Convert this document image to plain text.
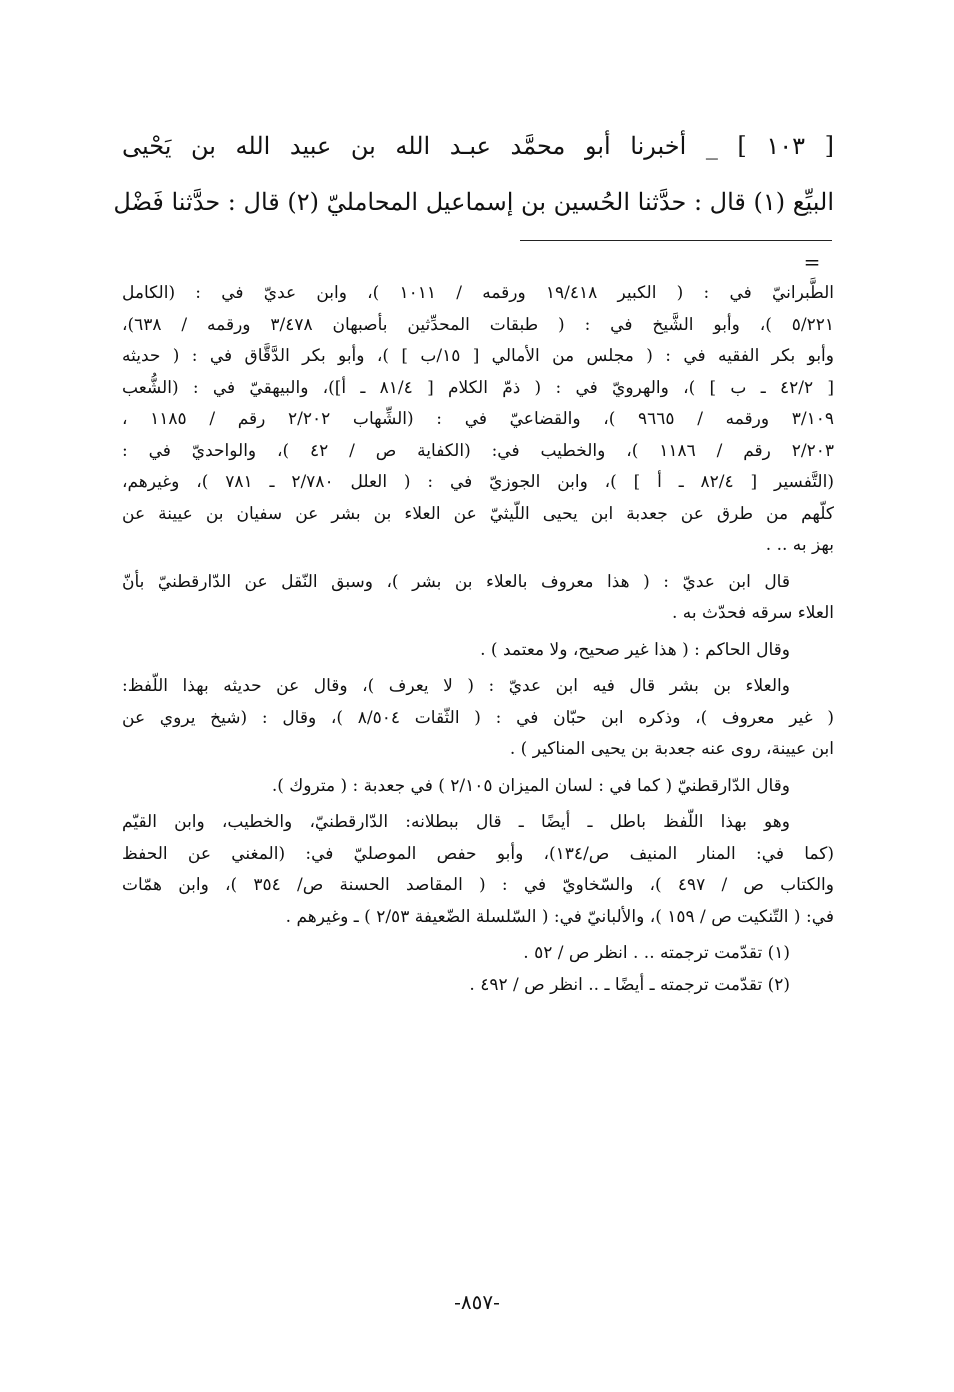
[ ١٠٣ ] _ أخبرنا أبو محمَّد عبـد الله بن عبيد الله بن يَحْيى
البيِّع (١) قال : حدَّثنا الحُسين بن إسماعيل المحامليّ (٢) قال : حدَّثنا فَضْل
=
الطَّبرانيّ في : ( الكبير ١٩/٤١٨ ورقمه / ١٠١١ )، وابن عديّ في : (الكامل
٥/٢٢١ )، وأبو الشَّيخ في : ( طبقات المحدِّثين بأصبهان ٣/٤٧٨ ورقمه / ٦٣٨)،
وأبو بكر الفقيه في : ( مجلس من الأمالي [ ١٥/ب ] )، وأبو بكر الدَّقَّاق في : ( حديثه
[ ٤٢/٢ ـ ب ] )، والهرويّ في : ( ذمّ الكلام [ ٨١/٤ ـ أ])، والبيهقيّ في : (الشُّعب
٣/١٠٩ ورقمه / ٩٦٦٥ )، والقضاعيّ في : (الشِّهاب ٢/٢٠٢ رقم / ١١٨٥ ،
٢/٢٠٣ رقم / ١١٨٦ )، والخطيب في: (الكفاية ص / ٤٢ )، والواحديّ في :
(التَّفسير [ ٨٢/٤ ـ أ ] )، وابن الجوزيّ في : ( العلل ٢/٧٨٠ ـ ٧٨١ )، وغيرهم،
كلّهم من طرق عن جعدبة ابن يحيى اللّيثيّ عن العلاء بن بشر عن سفيان بن عيينة عن
بهز به .. .
قال ابن عديّ : ( هذا معروف بالعلاء بن بشر )، وسبق النّقل عن الدّارقطنيّ بأنّ
العلاء سرقه فحدّث به .
وقال الحاكم : ( هذا غير صحيح، ولا معتمد ) .
والعلاء بن بشر قال فيه ابن عديّ : ( لا يعرف )، وقال عن حديثه بهذا اللّفظ:
( غير معروف )، وذكره ابن حبّان في : ( الثّقات ٨/٥٠٤ )، وقال : (شيخ يروي عن
ابن عيينة، روى عنه جعدبة بن يحيى المناكير ) .
وقال الدّارقطنيّ ( كما في : لسان الميزان ٢/١٠٥ ) في جعدبة : ( متروك ).
وهو بهذا اللّفظ باطل ـ أيضًا ـ قال ببطلانه: الدّارقطنيّ، والخطيب، وابن القيّم
(كما في: المنار المنيف ص/١٣٤)، وأبو حفص الموصليّ في: (المغني عن الحفظ
والكتاب ص / ٤٩٧ )، والسّخاويّ في : ( المقاصد الحسنة ص/ ٣٥٤ )، وابن همّات
في: ( التّنكيت ص / ١٥٩ )، والألبانيّ في: ( السّلسلة الضّعيفة ٢/٥٣ ) ـ وغيرهم .
(١) تقدّمت ترجمته .. . انظر ص / ٥٢ .
(٢) تقدّمت ترجمته ـ أيضًا ـ .. انظر ص / ٤٩٢ .
-٨٥٧-
